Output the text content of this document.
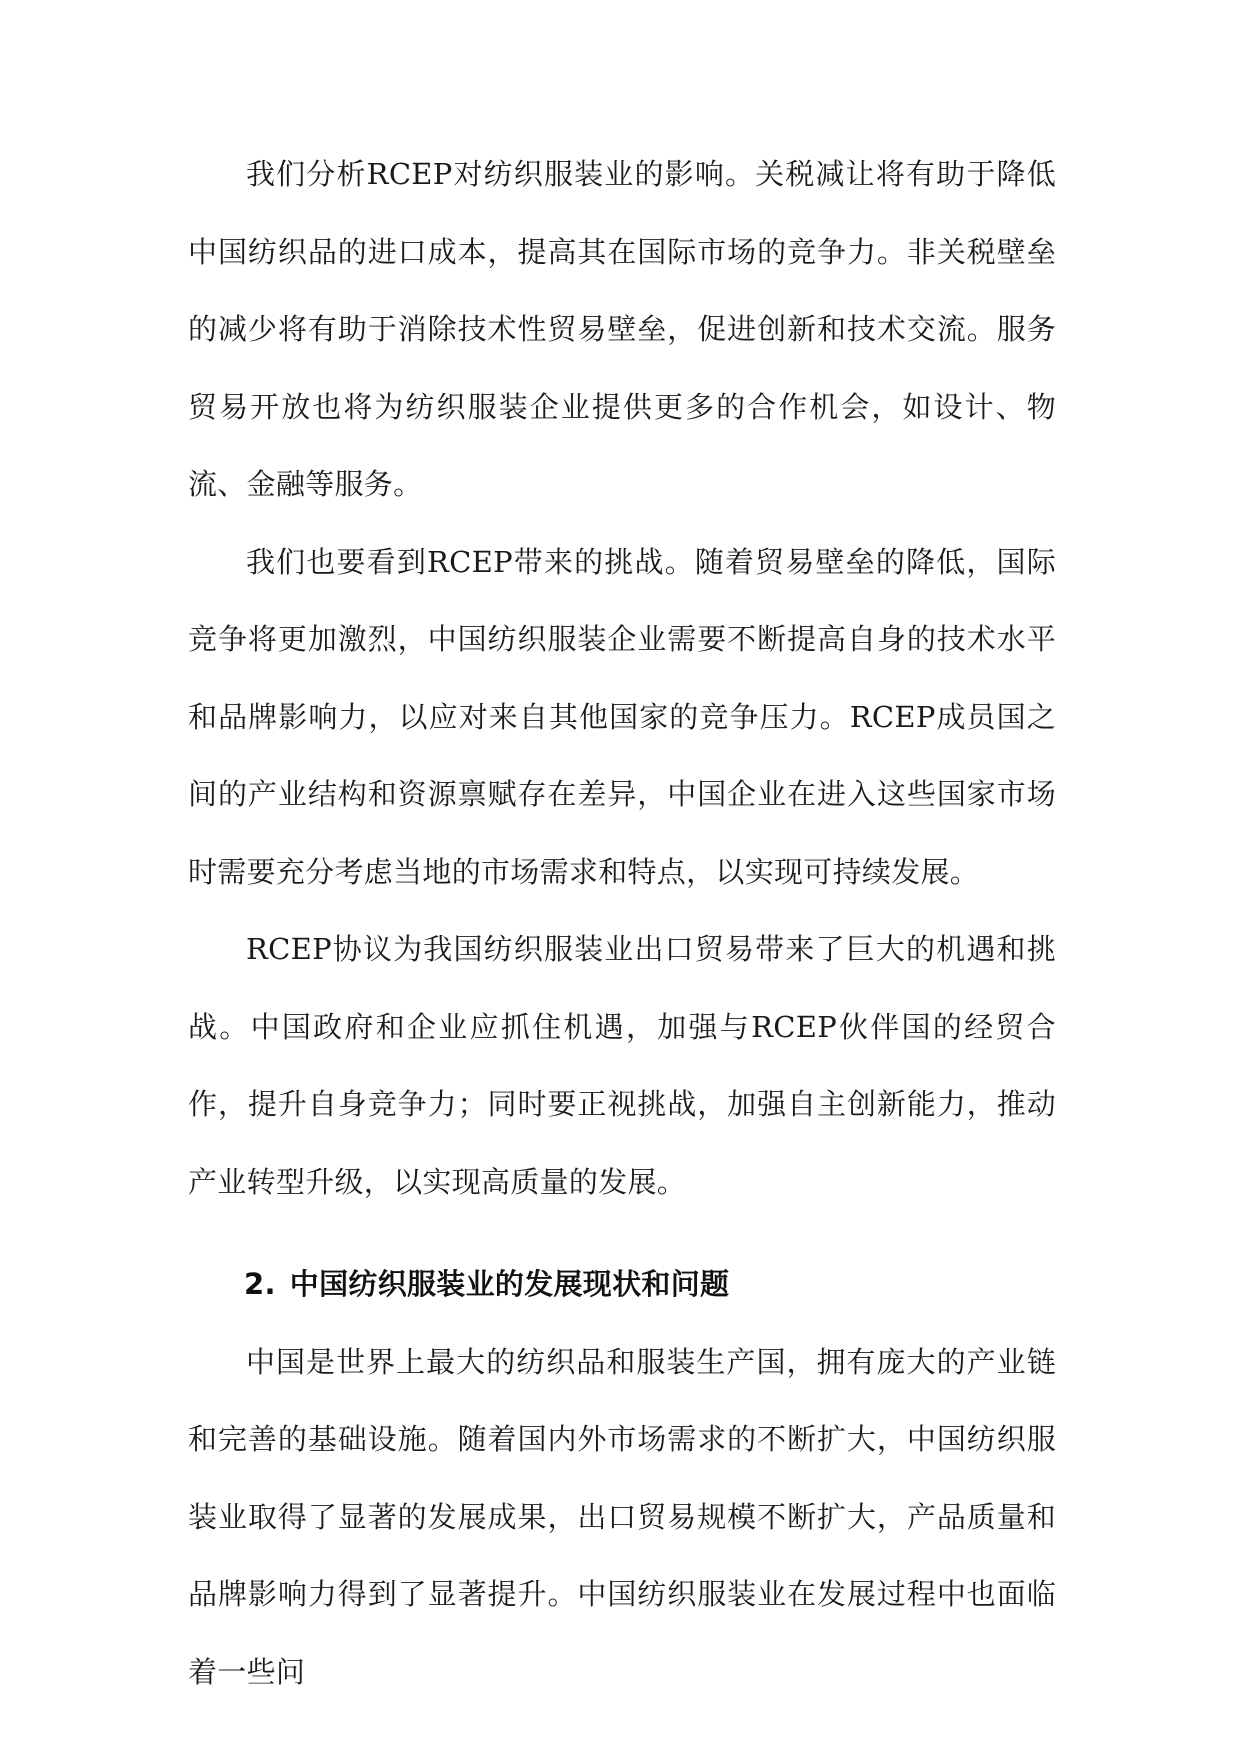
我们分析RCEP对纺织服装业的影响。关税减让将有助于降低中国纺织品的进口成本，提高其在国际市场的竞争力。非关税壁垒的减少将有助于消除技术性贸易壁垒，促进创新和技术交流。服务贸易开放也将为纺织服装企业提供更多的合作机会，如设计、物流、金融等服务。

我们也要看到RCEP带来的挑战。随着贸易壁垒的降低，国际竞争将更加激烈，中国纺织服装企业需要不断提高自身的技术水平和品牌影响力，以应对来自其他国家的竞争压力。RCEP成员国之间的产业结构和资源禀赋存在差异，中国企业在进入这些国家市场时需要充分考虑当地的市场需求和特点，以实现可持续发展。

RCEP协议为我国纺织服装业出口贸易带来了巨大的机遇和挑战。中国政府和企业应抓住机遇，加强与RCEP伙伴国的经贸合作，提升自身竞争力；同时要正视挑战，加强自主创新能力，推动产业转型升级，以实现高质量的发展。

2. 中国纺织服装业的发展现状和问题

中国是世界上最大的纺织品和服装生产国，拥有庞大的产业链和完善的基础设施。随着国内外市场需求的不断扩大，中国纺织服装业取得了显著的发展成果，出口贸易规模不断扩大，产品质量和品牌影响力得到了显著提升。中国纺织服装业在发展过程中也面临着一些问
